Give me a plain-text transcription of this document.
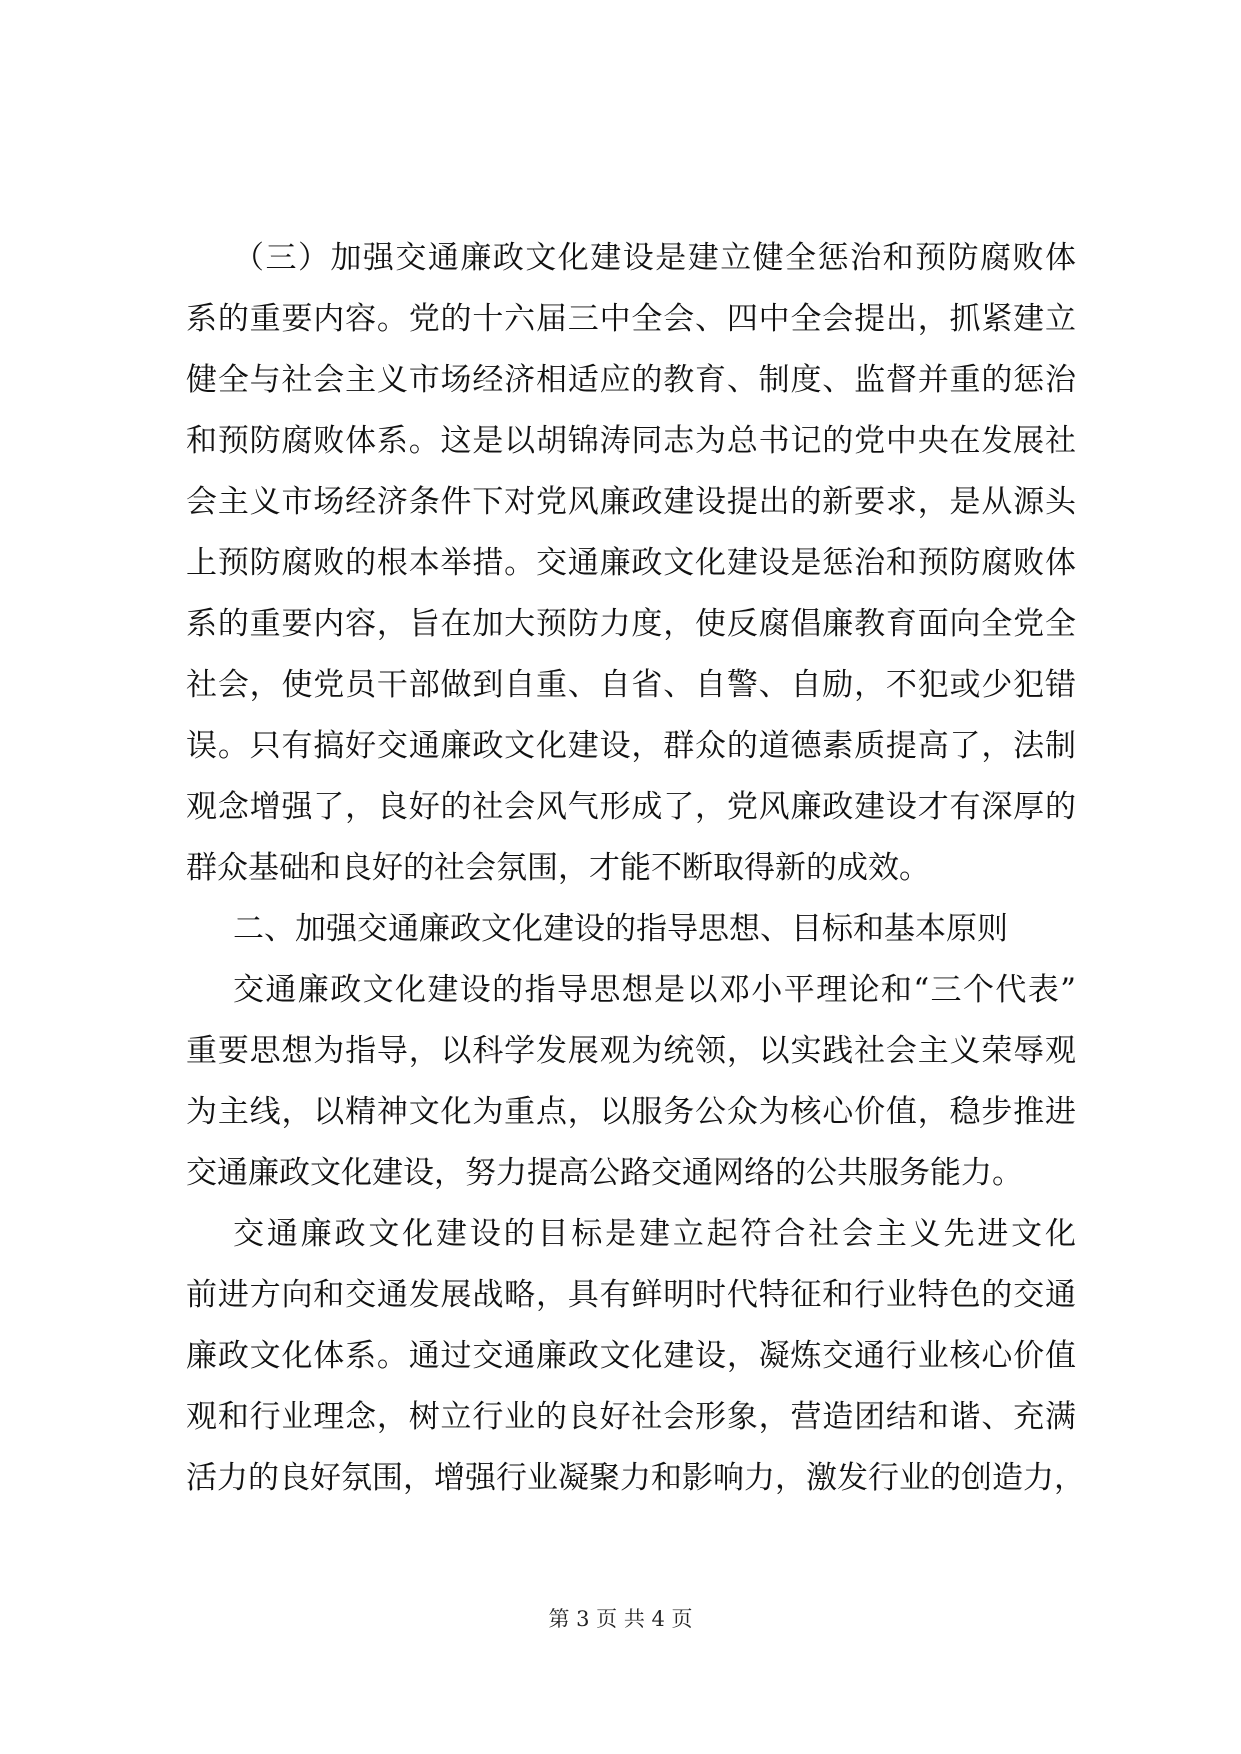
（三）加强交通廉政文化建设是建立健全惩治和预防腐败体
系的重要内容。党的十六届三中全会、四中全会提出，抓紧建立
健全与社会主义市场经济相适应的教育、制度、监督并重的惩治
和预防腐败体系。这是以胡锦涛同志为总书记的党中央在发展社
会主义市场经济条件下对党风廉政建设提出的新要求，是从源头
上预防腐败的根本举措。交通廉政文化建设是惩治和预防腐败体
系的重要内容，旨在加大预防力度，使反腐倡廉教育面向全党全
社会，使党员干部做到自重、自省、自警、自励，不犯或少犯错
误。只有搞好交通廉政文化建设，群众的道德素质提高了，法制
观念增强了，良好的社会风气形成了，党风廉政建设才有深厚的
群众基础和良好的社会氛围，才能不断取得新的成效。
二、加强交通廉政文化建设的指导思想、目标和基本原则
交通廉政文化建设的指导思想是以邓小平理论和“三个代表”
重要思想为指导，以科学发展观为统领，以实践社会主义荣辱观
为主线，以精神文化为重点，以服务公众为核心价值，稳步推进
交通廉政文化建设，努力提高公路交通网络的公共服务能力。
交通廉政文化建设的目标是建立起符合社会主义先进文化
前进方向和交通发展战略，具有鲜明时代特征和行业特色的交通
廉政文化体系。通过交通廉政文化建设，凝炼交通行业核心价值
观和行业理念，树立行业的良好社会形象，营造团结和谐、充满
活力的良好氛围，增强行业凝聚力和影响力，激发行业的创造力，
第 3 页 共 4 页
